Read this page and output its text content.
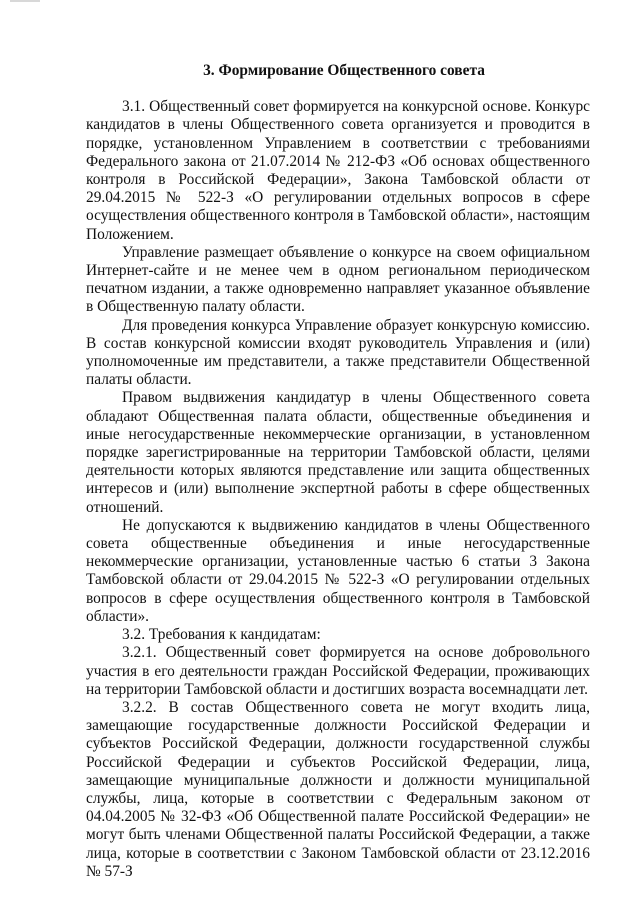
3. Формирование Общественного совета

3.1. Общественный совет формируется на конкурсной основе. Конкурс кандидатов в члены Общественного совета организуется и проводится в порядке, установленном Управлением в соответствии с требованиями Федерального закона от 21.07.2014 № 212-ФЗ «Об основах общественного контроля в Российской Федерации», Закона Тамбовской области от 29.04.2015 № 522-З «О регулировании отдельных вопросов в сфере осуществления общественного контроля в Тамбовской области», настоящим Положением.

Управление размещает объявление о конкурсе на своем официальном Интернет-сайте и не менее чем в одном региональном периодическом печатном издании, а также одновременно направляет указанное объявление в Общественную палату области.

Для проведения конкурса Управление образует конкурсную комиссию. В состав конкурсной комиссии входят руководитель Управления и (или) уполномоченные им представители, а также представители Общественной палаты области.

Правом выдвижения кандидатур в члены Общественного совета обладают Общественная палата области, общественные объединения и иные негосударственные некоммерческие организации, в установленном порядке зарегистрированные на территории Тамбовской области, целями деятельности которых являются представление или защита общественных интересов и (или) выполнение экспертной работы в сфере общественных отношений.

Не допускаются к выдвижению кандидатов в члены Общественного совета общественные объединения и иные негосударственные некоммерческие организации, установленные частью 6 статьи 3 Закона Тамбовской области от 29.04.2015 № 522-З «О регулировании отдельных вопросов в сфере осуществления общественного контроля в Тамбовской области».

3.2. Требования к кандидатам:

3.2.1. Общественный совет формируется на основе добровольного участия в его деятельности граждан Российской Федерации, проживающих на территории Тамбовской области и достигших возраста восемнадцати лет.

3.2.2. В состав Общественного совета не могут входить лица, замещающие государственные должности Российской Федерации и субъектов Российской Федерации, должности государственной службы Российской Федерации и субъектов Российской Федерации, лица, замещающие муниципальные должности и должности муниципальной службы, лица, которые в соответствии с Федеральным законом от 04.04.2005 № 32-ФЗ «Об Общественной палате Российской Федерации» не могут быть членами Общественной палаты Российской Федерации, а также лица, которые в соответствии с Законом Тамбовской области от 23.12.2016 № 57-З
